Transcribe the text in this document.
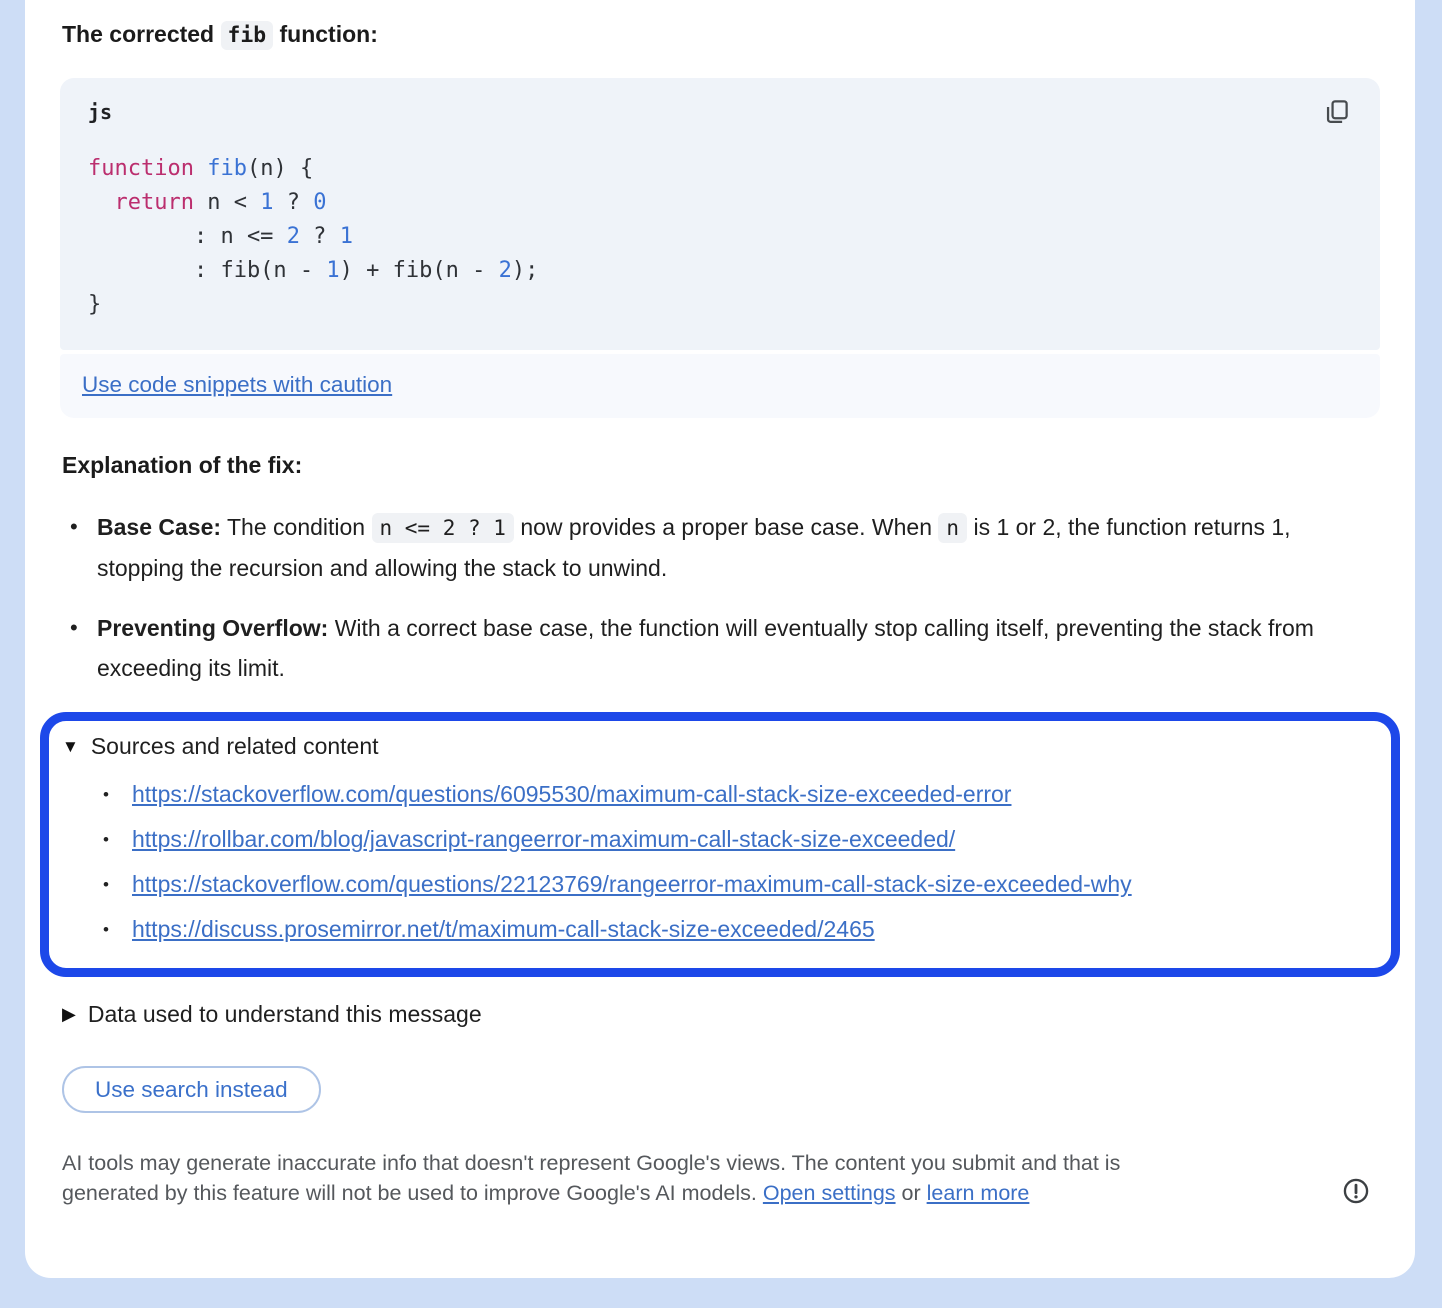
The corrected fib function:
js
function fib(n) {
return n < 1 ? 0
: n <= 2 ? 1
: fib(n - 1) + fib(n - 2);
}
Use code snippets with caution
Explanation of the fix:
• Base Case: The condition n <= 2 ? 1 now provides a proper base case. When n is 1 or 2, the function returns 1, stopping the recursion and allowing the stack to unwind.
• Preventing Overflow: With a correct base case, the function will eventually stop calling itself, preventing the stack from exceeding its limit.
▼ Sources and related content
•	https://stackoverflow.com/questions/6095530/maximum-call-stack-size-exceeded-error
•	https://rollbar.com/blog/javascript-rangeerror-maximum-call-stack-size-exceeded/
•	https://stackoverflow.com/questions/22123769/rangeerror-maximum-call-stack-size-exceeded-why
•	https://discuss.prosemirror.net/t/maximum-call-stack-size-exceeded/2465
▶ Data used to understand this message
Use search instead
AI tools may generate inaccurate info that doesn't represent Google's views. The content you submit and that is generated by this feature will not be used to improve Google's AI models. Open settings or learn more
